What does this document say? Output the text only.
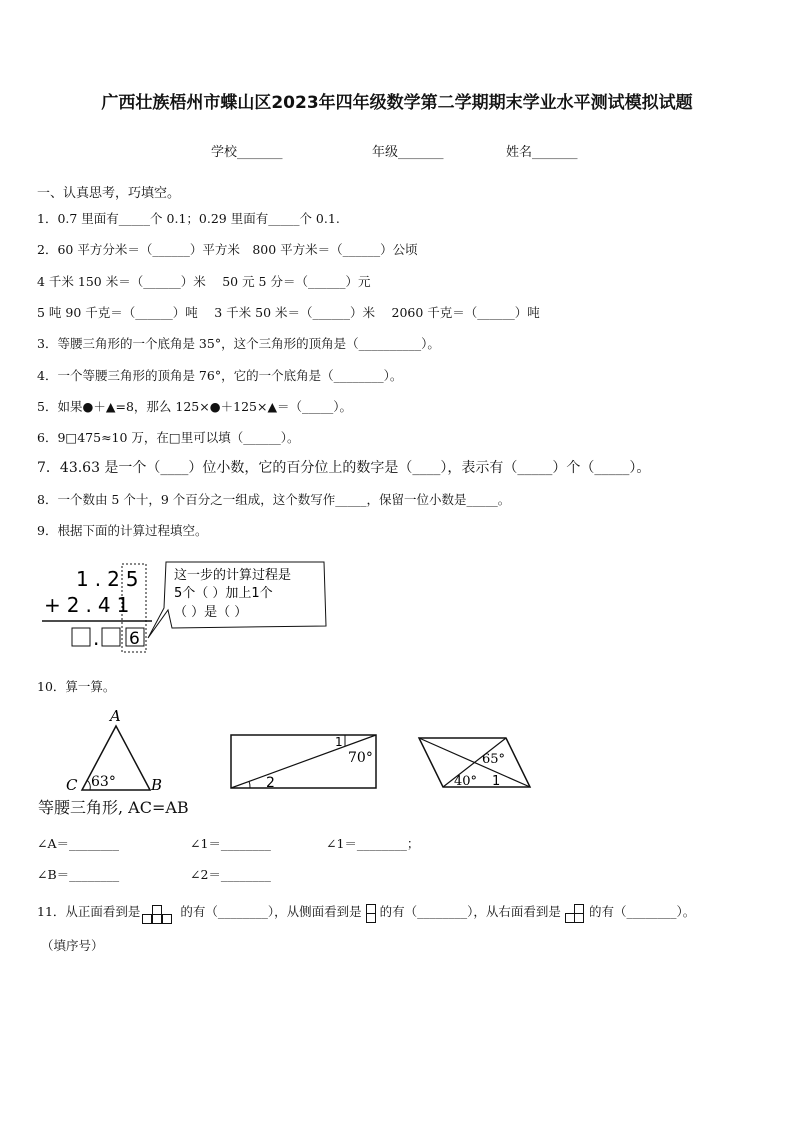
广西壮族梧州市蝶山区2023年四年级数学第二学期期末学业水平测试模拟试题
学校_______	年级_______	姓名_______
一、认真思考，巧填空。
1．0.7 里面有_____个 0.1；0.29 里面有_____个 0.1.
2．60 平方分米＝（______）平方米　800 平方米＝（______）公顷
4 千米 150 米＝（______）米　 50 元 5 分＝（______）元
5 吨 90 千克＝（______）吨　 3 千米 50 米＝（______）米　 2060 千克＝（______）吨
3．等腰三角形的一个底角是 35°，这个三角形的顶角是（__________）。
4．一个等腰三角形的顶角是 76°，它的一个底角是（________）。
5．如果●＋▲=8，那么 125×●＋125×▲＝（_____）。
6．9□475≈10 万，在□里可以填（______）。
7．43.63 是一个（____）位小数，它的百分位上的数字是（____），表示有（_____）个（_____）。
8．一个数由 5 个十，9 个百分之一组成，这个数写作_____，保留一位小数是_____。
9．根据下面的计算过程填空。
1.25
+2.41
. 6
这一步的计算过程是
5个（ ）加上1个
（ ）是（ ）
10．算一算。
A
C	B
63°
等腰三角形, AC=AB
1
70°
2
65°
40° 1
∠A＝________	∠1＝________	∠1＝________；
∠B＝________	∠2＝________
11．从正面看到是	的有（________），从侧面看到是 的有（________），从右面看到是 的有（________）。
（填序号）
